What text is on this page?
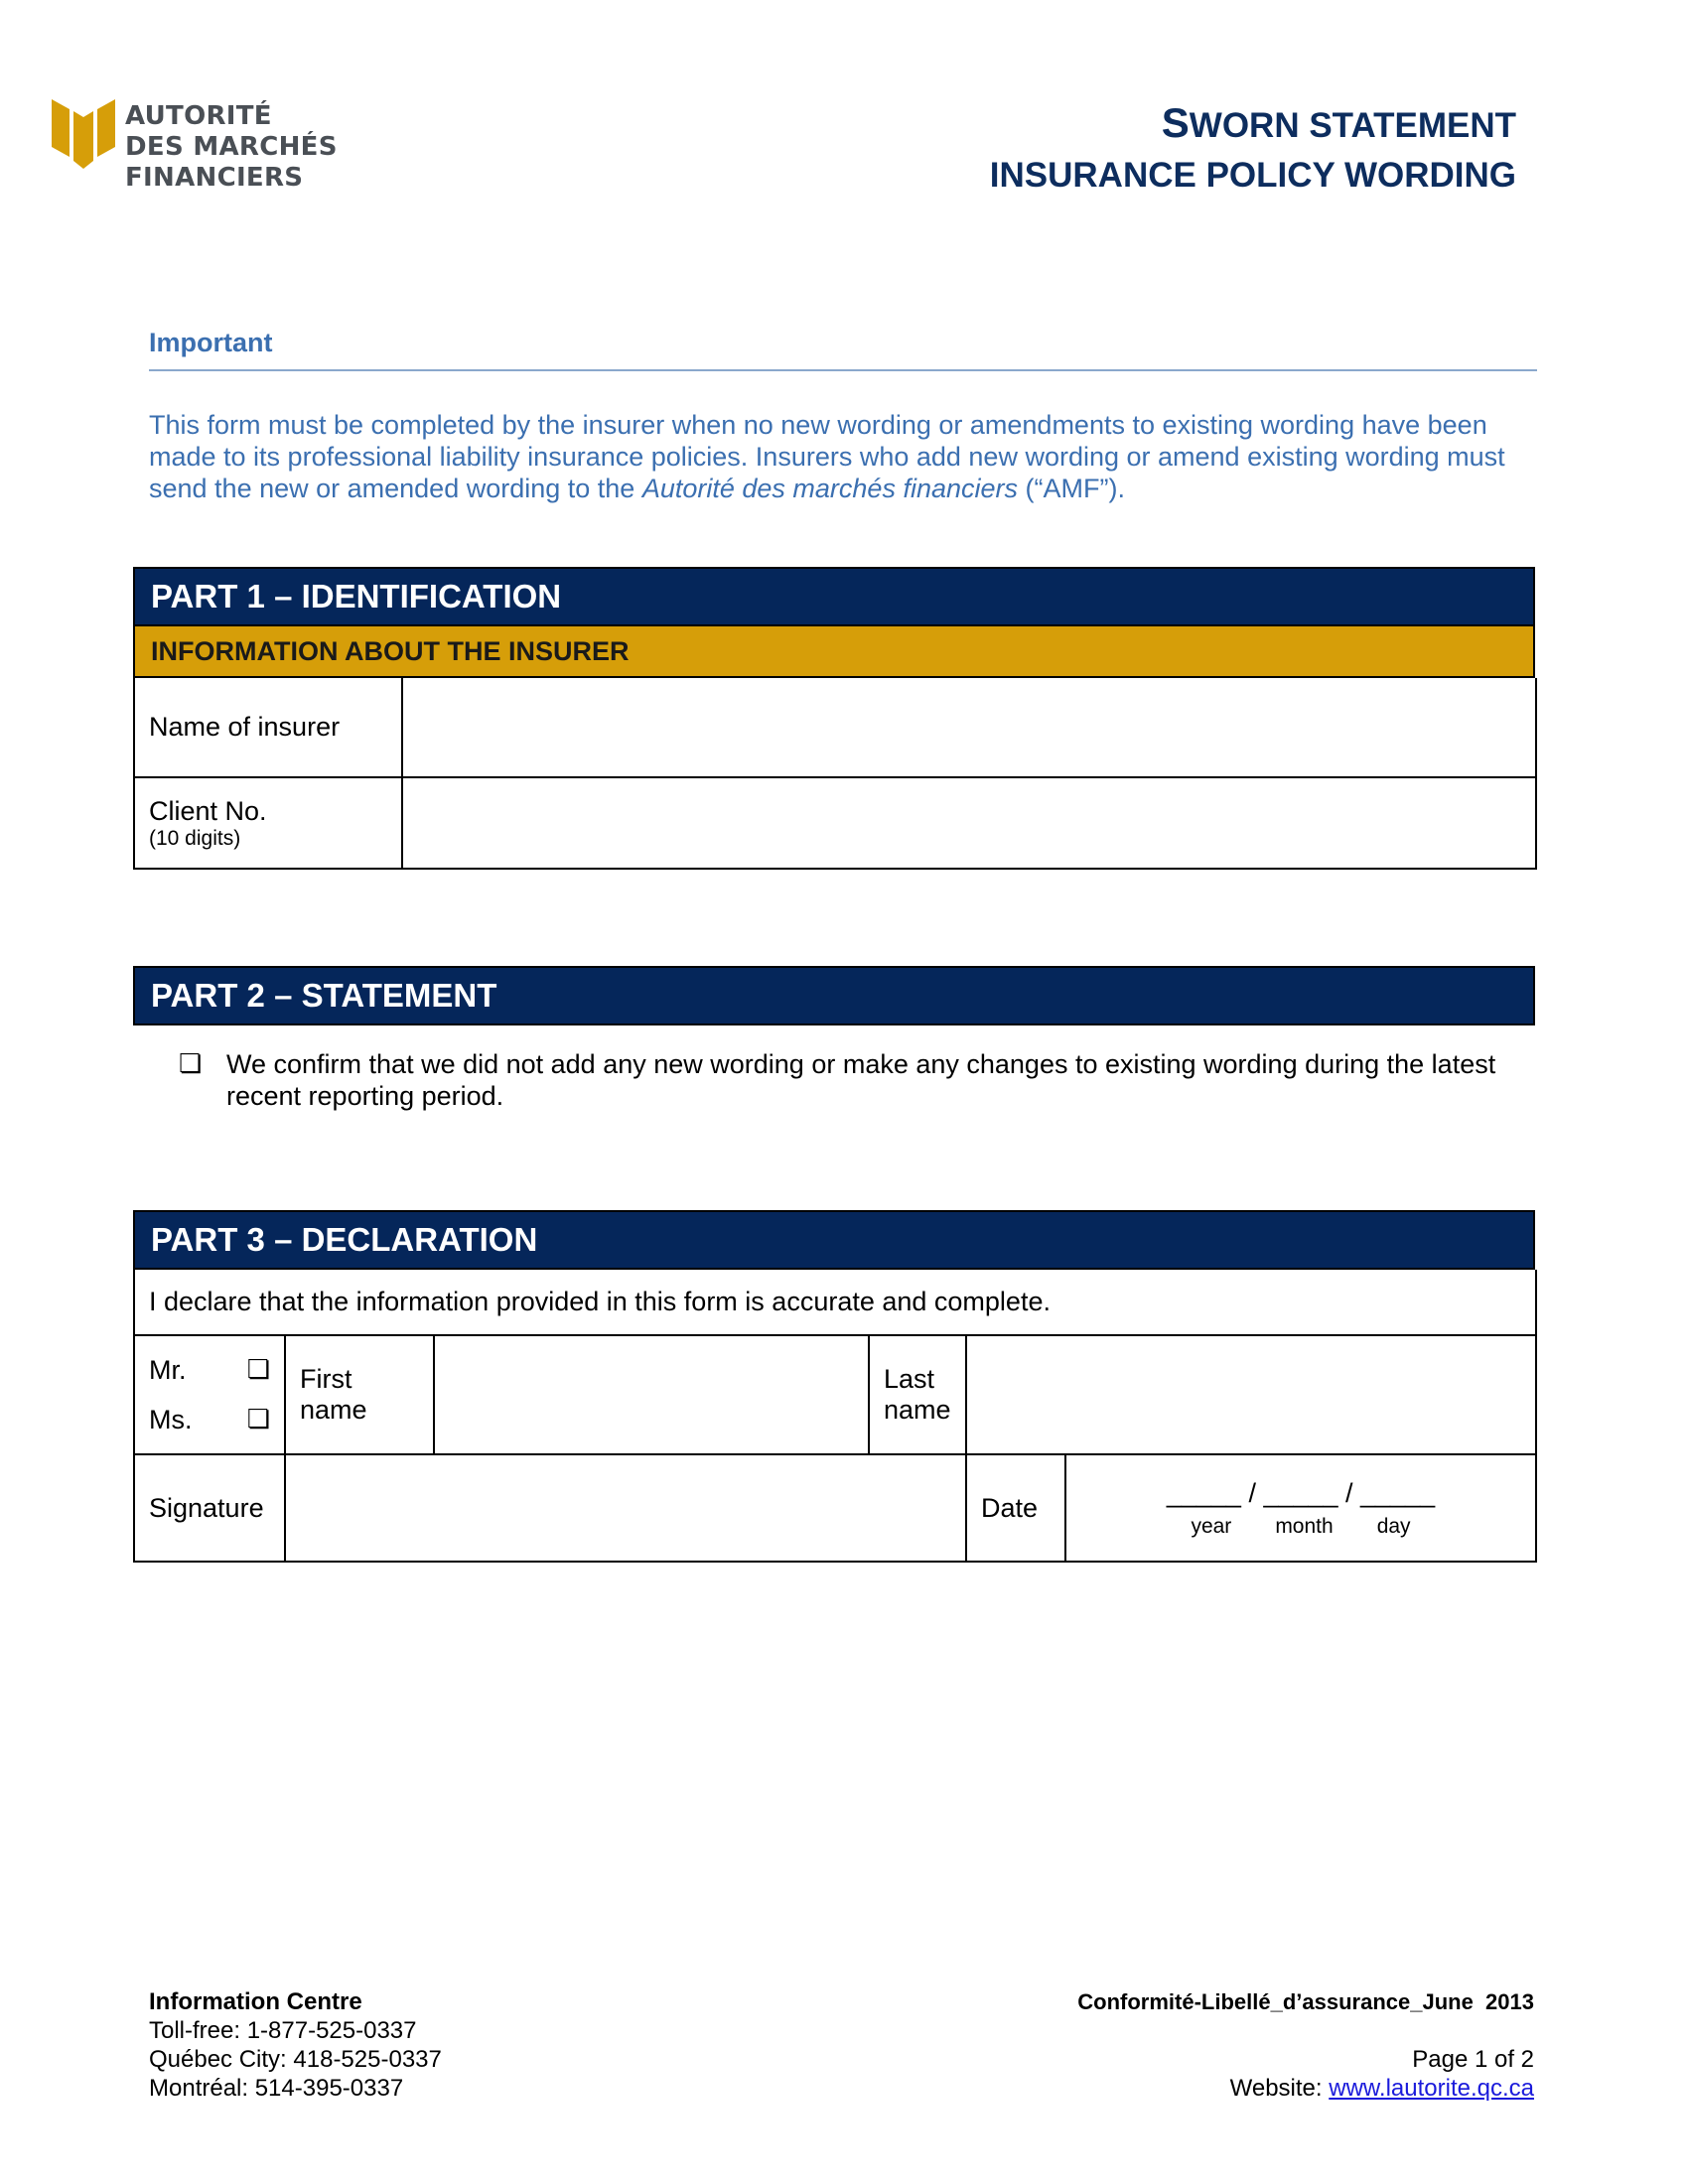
AUTORITÉ
DES MARCHÉS
FINANCIERS
SWORN STATEMENT
INSURANCE POLICY WORDING
Important
This form must be completed by the insurer when no new wording or amendments to existing wording have been made to its professional liability insurance policies. Insurers who add new wording or amend existing wording must send the new or amended wording to the Autorité des marchés financiers (“AMF”).
PART 1 – IDENTIFICATION
INFORMATION ABOUT THE INSURER
Name of insurer	

Client No.
(10 digits)	

PART 2 – STATEMENT
❏ We confirm that we did not add any new wording or make any changes to existing wording during the latest recent reporting period.
PART 3 – DECLARATION
I declare that the information provided in this form is accurate and complete.					

Mr. ❏
Ms. ❏	First name		Last name		
Signature				Date	_____ / _____ / _____
year month day
Information Centre
Toll-free: 1-877-525-0337
Québec City: 418-525-0337
Montréal: 514-395-0337
Conformité-Libellé_d’assurance_June  2013
Page 1 of 2
Website: www.lautorite.qc.ca
